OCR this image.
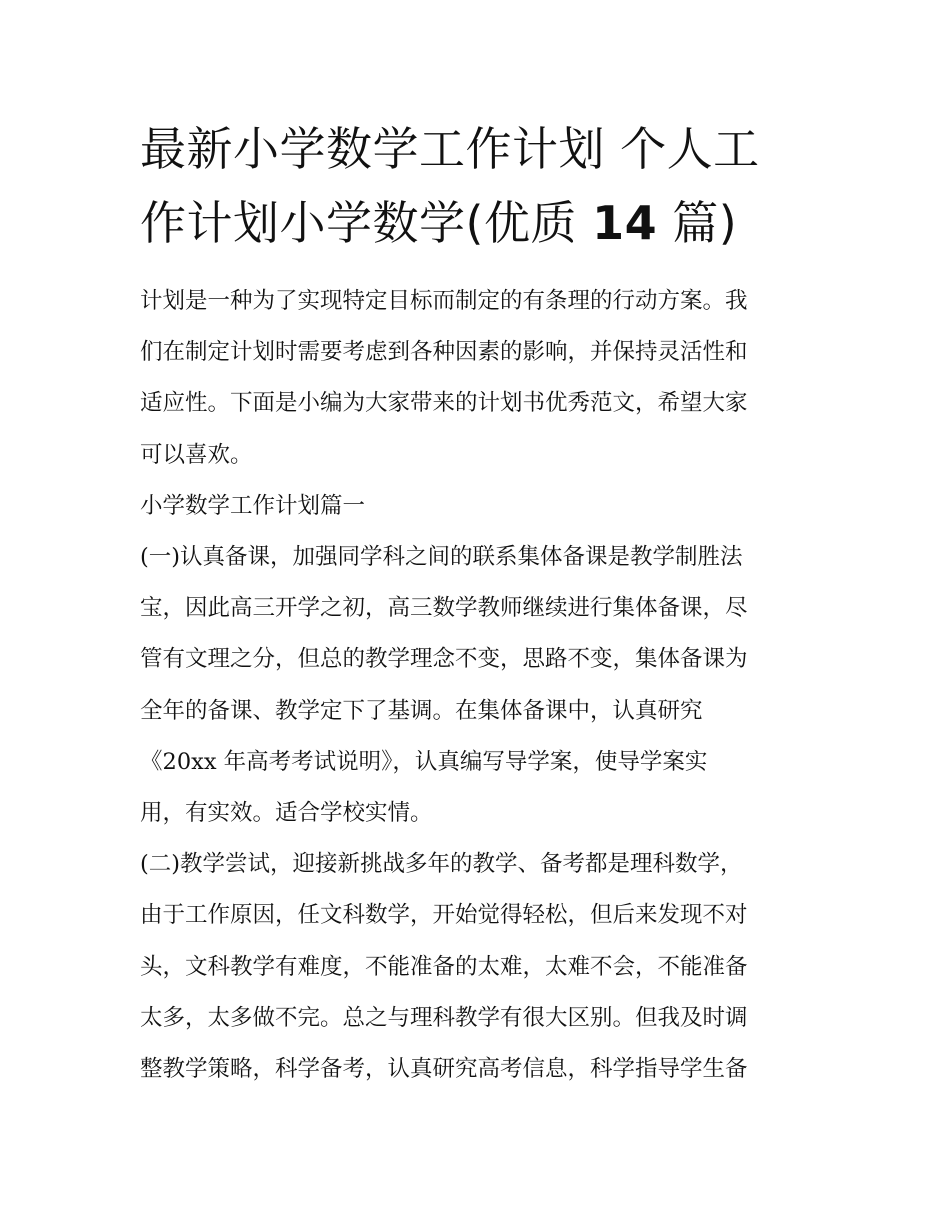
最新小学数学工作计划 个人工
作计划小学数学(优质 14 篇)

计划是一种为了实现特定目标而制定的有条理的行动方案。我
们在制定计划时需要考虑到各种因素的影响，并保持灵活性和
适应性。下面是小编为大家带来的计划书优秀范文，希望大家
可以喜欢。

小学数学工作计划篇一

(一)认真备课，加强同学科之间的联系集体备课是教学制胜法
宝，因此高三开学之初，高三数学教师继续进行集体备课，尽
管有文理之分，但总的教学理念不变，思路不变，集体备课为
全年的备课、教学定下了基调。在集体备课中，认真研究
《20xx 年高考考试说明》，认真编写导学案，使导学案实
用，有实效。适合学校实情。

(二)教学尝试，迎接新挑战多年的教学、备考都是理科数学，
由于工作原因，任文科数学，开始觉得轻松，但后来发现不对
头，文科教学有难度，不能准备的太难，太难不会，不能准备
太多，太多做不完。总之与理科教学有很大区别。但我及时调
整教学策略，科学备考，认真研究高考信息，科学指导学生备
